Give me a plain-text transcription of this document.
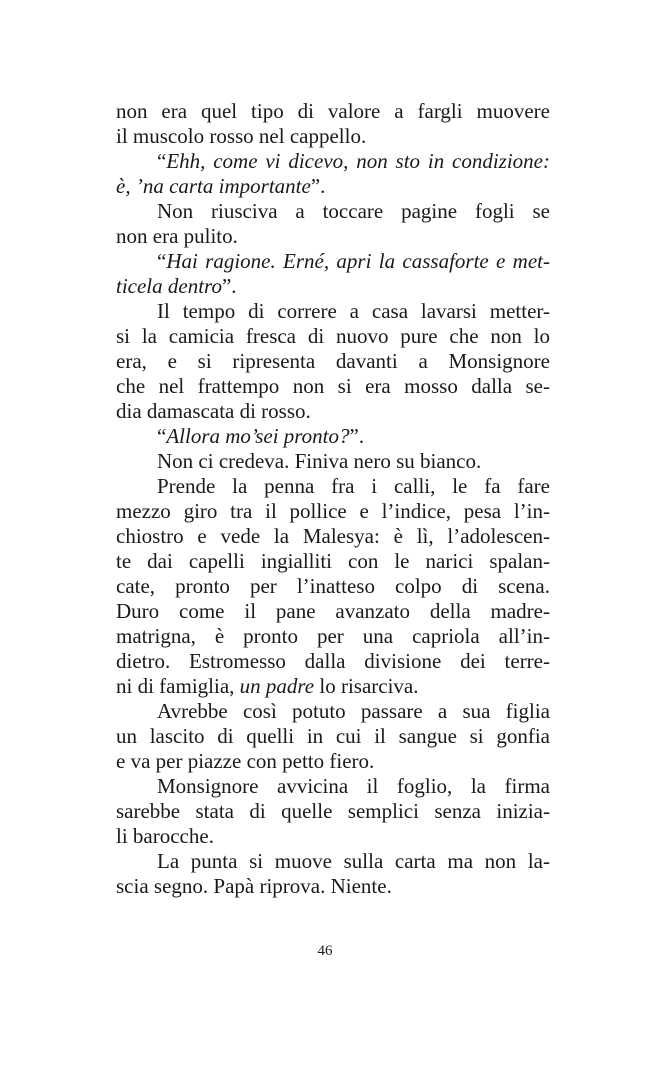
non era quel tipo di valore a fargli muovere
il muscolo rosso nel cappello.
“Ehh, come vi dicevo, non sto in condizione:
è, ’na carta importante”.
Non riusciva a toccare pagine fogli se
non era pulito.
“Hai ragione. Erné, apri la cassaforte e met-
ticela dentro”.
Il tempo di correre a casa lavarsi metter-
si la camicia fresca di nuovo pure che non lo
era, e si ripresenta davanti a Monsignore
che nel frattempo non si era mosso dalla se-
dia damascata di rosso.
“Allora mo’sei pronto?”.
Non ci credeva. Finiva nero su bianco.
Prende la penna fra i calli, le fa fare
mezzo giro tra il pollice e l’indice, pesa l’in-
chiostro e vede la Malesya: è lì, l’adolescen-
te dai capelli ingialliti con le narici spalan-
cate, pronto per l’inatteso colpo di scena.
Duro come il pane avanzato della madre-
matrigna, è pronto per una capriola all’in-
dietro. Estromesso dalla divisione dei terre-
ni di famiglia, un padre lo risarciva.
Avrebbe così potuto passare a sua figlia
un lascito di quelli in cui il sangue si gonfia
e va per piazze con petto fiero.
Monsignore avvicina il foglio, la firma
sarebbe stata di quelle semplici senza inizia-
li barocche.
La punta si muove sulla carta ma non la-
scia segno. Papà riprova. Niente.
46
